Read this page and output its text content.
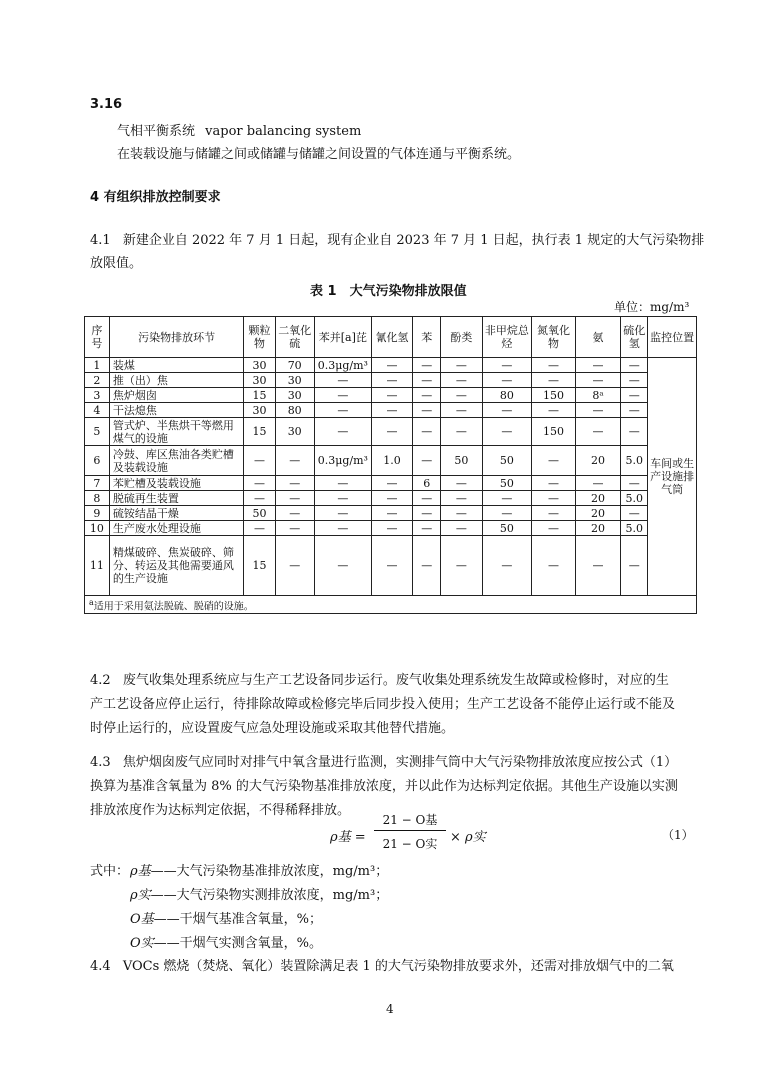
3.16
气相平衡系统 vapor balancing system
在装载设施与储罐之间或储罐与储罐之间设置的气体连通与平衡系统。
4 有组织排放控制要求
4.1 新建企业自 2022 年 7 月 1 日起，现有企业自 2023 年 7 月 1 日起，执行表 1 规定的大气污染物排
放限值。
表 1　大气污染物排放限值
单位：mg/m³
序号	污染物排放环节	颗粒物	二氧化硫	苯并[a]芘	氰化氢	苯	酚类	非甲烷总烃	氮氧化物	氨	硫化氢	监控位置
1	装煤	30	70	0.3μg/m³	—	—	—	—	—	—	—	车间或生产设施排气筒
2	推（出）焦	30	30	—	—	—	—	—	—	—	—	
3	焦炉烟囱	15	30	—	—	—	—	80	150	8ᵃ	—	
4	干法熄焦	30	80	—	—	—	—	—	—	—	—	
5	管式炉、半焦烘干等燃用煤气的设施	15	30	—	—	—	—	—	150	—	—	
6	冷鼓、库区焦油各类贮槽及装载设施	—	—	0.3μg/m³	1.0	—	50	50	—	20	5.0	
7	苯贮槽及装载设施	—	—	—	—	6	—	50	—	—	—	
8	脱硫再生装置	—	—	—	—	—	—	—	—	20	5.0	
9	硫铵结晶干燥	50	—	—	—	—	—	—	—	20	—	
10	生产废水处理设施	—	—	—	—	—	—	50	—	20	5.0	
11	精煤破碎、焦炭破碎、筛分、转运及其他需要通风的生产设施	15	—	—	—	—	—	—	—	—	—	
$^a$适用于采用氨法脱硫、脱硝的设施。												
4.2 废气收集处理系统应与生产工艺设备同步运行。废气收集处理系统发生故障或检修时，对应的生
产工艺设备应停止运行，待排除故障或检修完毕后同步投入使用；生产工艺设备不能停止运行或不能及
时停止运行的，应设置废气应急处理设施或采取其他替代措施。
4.3 焦炉烟囱废气应同时对排气中氧含量进行监测，实测排气筒中大气污染物排放浓度应按公式（1）
换算为基准含氧量为 8% 的大气污染物基准排放浓度，并以此作为达标判定依据。其他生产设施以实测
排放浓度作为达标判定依据，不得稀释排放。
ρ基 =
21 − O基
21 − O实 × ρ实	（1）
式中： ρ基——大气污染物基准排放浓度，mg/m³；
ρ实——大气污染物实测排放浓度，mg/m³；
O基——干烟气基准含氧量，%；
O实——干烟气实测含氧量，%。
4.4 VOCs 燃烧（焚烧、氧化）装置除满足表 1 的大气污染物排放要求外，还需对排放烟气中的二氧
4
